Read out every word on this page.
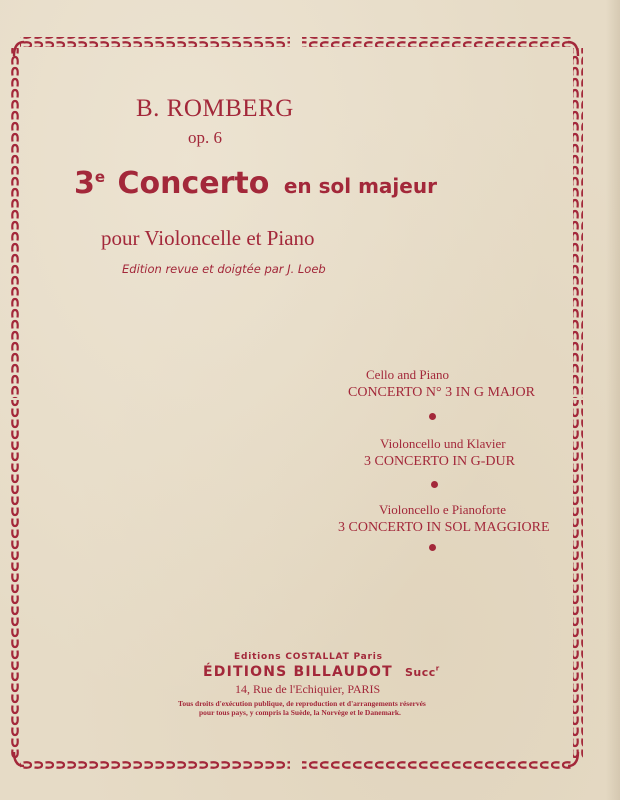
B. ROMBERG
op. 6
3e Concerto en sol majeur
pour Violoncelle et Piano
Edition revue et doigtée par J. Loeb
Cello and Piano
CONCERTO N° 3 IN G MAJOR
Violoncello und Klavier
3 CONCERTO IN G-DUR
Violoncello e Pianoforte
3 CONCERTO IN SOL MAGGIORE
Editions COSTALLAT Paris
ÉDITIONS BILLAUDOT Succ$^r$
14, Rue de l'Echiquier, PARIS
Tous droits d'exécution publique, de reproduction et d'arrangements réservés
pour tous pays, y compris la Suède, la Norvège et le Danemark.
